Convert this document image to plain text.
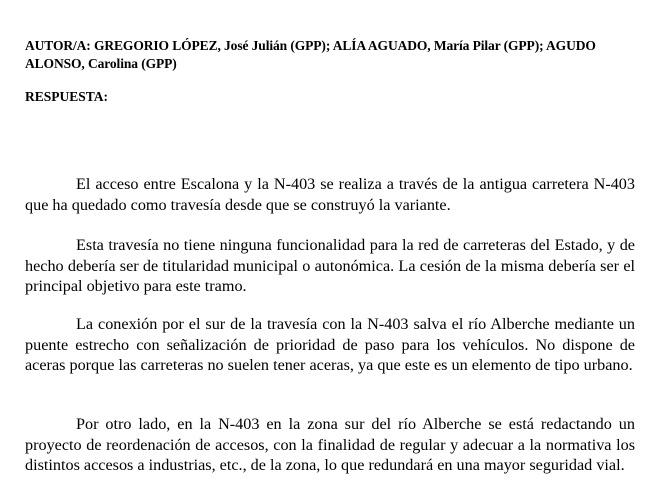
AUTOR/A: GREGORIO LÓPEZ, José Julián (GPP); ALÍA AGUADO, María Pilar (GPP); AGUDO ALONSO, Carolina (GPP)
RESPUESTA:

El acceso entre Escalona y la N-403 se realiza a través de la antigua carretera N-403 que ha quedado como travesía desde que se construyó la variante.

Esta travesía no tiene ninguna funcionalidad para la red de carreteras del Estado, y de hecho debería ser de titularidad municipal o autonómica. La cesión de la misma debería ser el principal objetivo para este tramo.

La conexión por el sur de la travesía con la N-403 salva el río Alberche mediante un puente estrecho con señalización de prioridad de paso para los vehículos. No dispone de aceras porque las carreteras no suelen tener aceras, ya que este es un elemento de tipo urbano.

Por otro lado, en la N-403 en la zona sur del río Alberche se está redactando un proyecto de reordenación de accesos, con la finalidad de regular y adecuar a la normativa los distintos accesos a industrias, etc., de la zona, lo que redundará en una mayor seguridad vial.
